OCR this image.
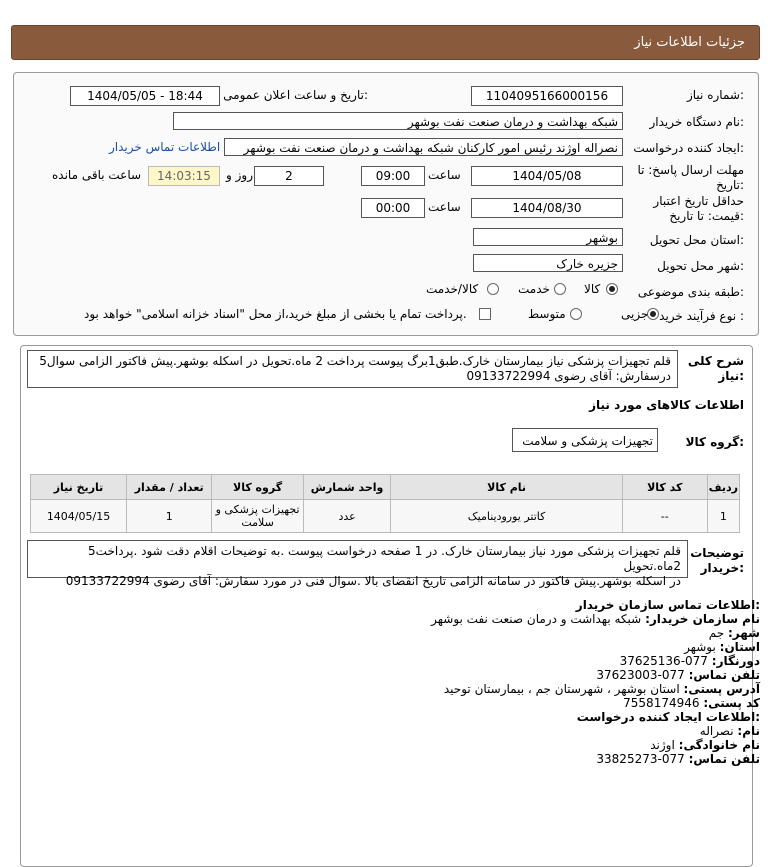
جزئیات اطلاعات نیاز
شماره نیاز:
1104095166000156
تاریخ و ساعت اعلان عمومی:
1404/05/05 - 18:44
نام دستگاه خریدار:
شبکه بهداشت و درمان صنعت نفت بوشهر
ایجاد کننده درخواست:
نصراله اوژند رئیس امور کارکنان شبکه بهداشت و درمان صنعت نفت بوشهر
اطلاعات تماس خریدار
مهلت ارسال پاسخ: تا
تاریخ:
1404/05/08
ساعت
09:00
2
روز و
14:03:15
ساعت باقی مانده
حداقل تاریخ اعتبار
قیمت: تا تاریخ:
1404/08/30
ساعت
00:00
استان محل تحویل:
بوشهر
شهر محل تحویل:
جزیره خارک
طبقه بندی موضوعی:
کالا
خدمت
کالا/خدمت
نوع فرآیند خرید :
جزیی
متوسط
پرداخت تمام یا بخشی از مبلغ خرید،از محل "اسناد خزانه اسلامی" خواهد بود.
شرح کلی
نیاز:
5قلم تجهیزات پزشکی نیاز بیمارستان خارک.طبق1برگ پیوست پرداخت 2 ماه.تحویل در اسکله بوشهر.پیش فاکتور الزامی سوال
درسفارش: آقای رضوی 09133722994
اطلاعات کالاهای مورد نیاز
گروه کالا:
تجهیزات پزشکی و سلامت
تاریخ نیاز	تعداد / مقدار	گروه کالا	واحد شمارش	نام کالا	کد کالا	ردیف
1404/05/15	1	تجهیزات پزشکی و سلامت	عدد	کاتتر یورودینامیک	--	1
توضیحات
خریدار:
5قلم تجهیزات پزشکی مورد نیاز بیمارستان خارک. در 1 صفحه درخواست پیوست .به توضیحات اقلام دقت شود .پرداخت 2ماه.تحویل
در اسکله بوشهر.پیش فاکتور در سامانه الزامی تاریخ انقضای بالا .سوال فنی در مورد سفارش: آقای رضوی 09133722994
اطلاعات تماس سازمان خریدار:
نام سازمان خریدار: شبکه بهداشت و درمان صنعت نفت بوشهر
شهر: جم
استان: بوشهر
دورنگار: 077-37625136
تلفن تماس: 077-37623003
آدرس پستی: استان بوشهر ، شهرستان جم ، بیمارستان توحید
کد پستی: 7558174946
اطلاعات ایجاد کننده درخواست:
نام: نصراله
نام خانوادگی: اوژند
تلفن تماس: 077-33825273
